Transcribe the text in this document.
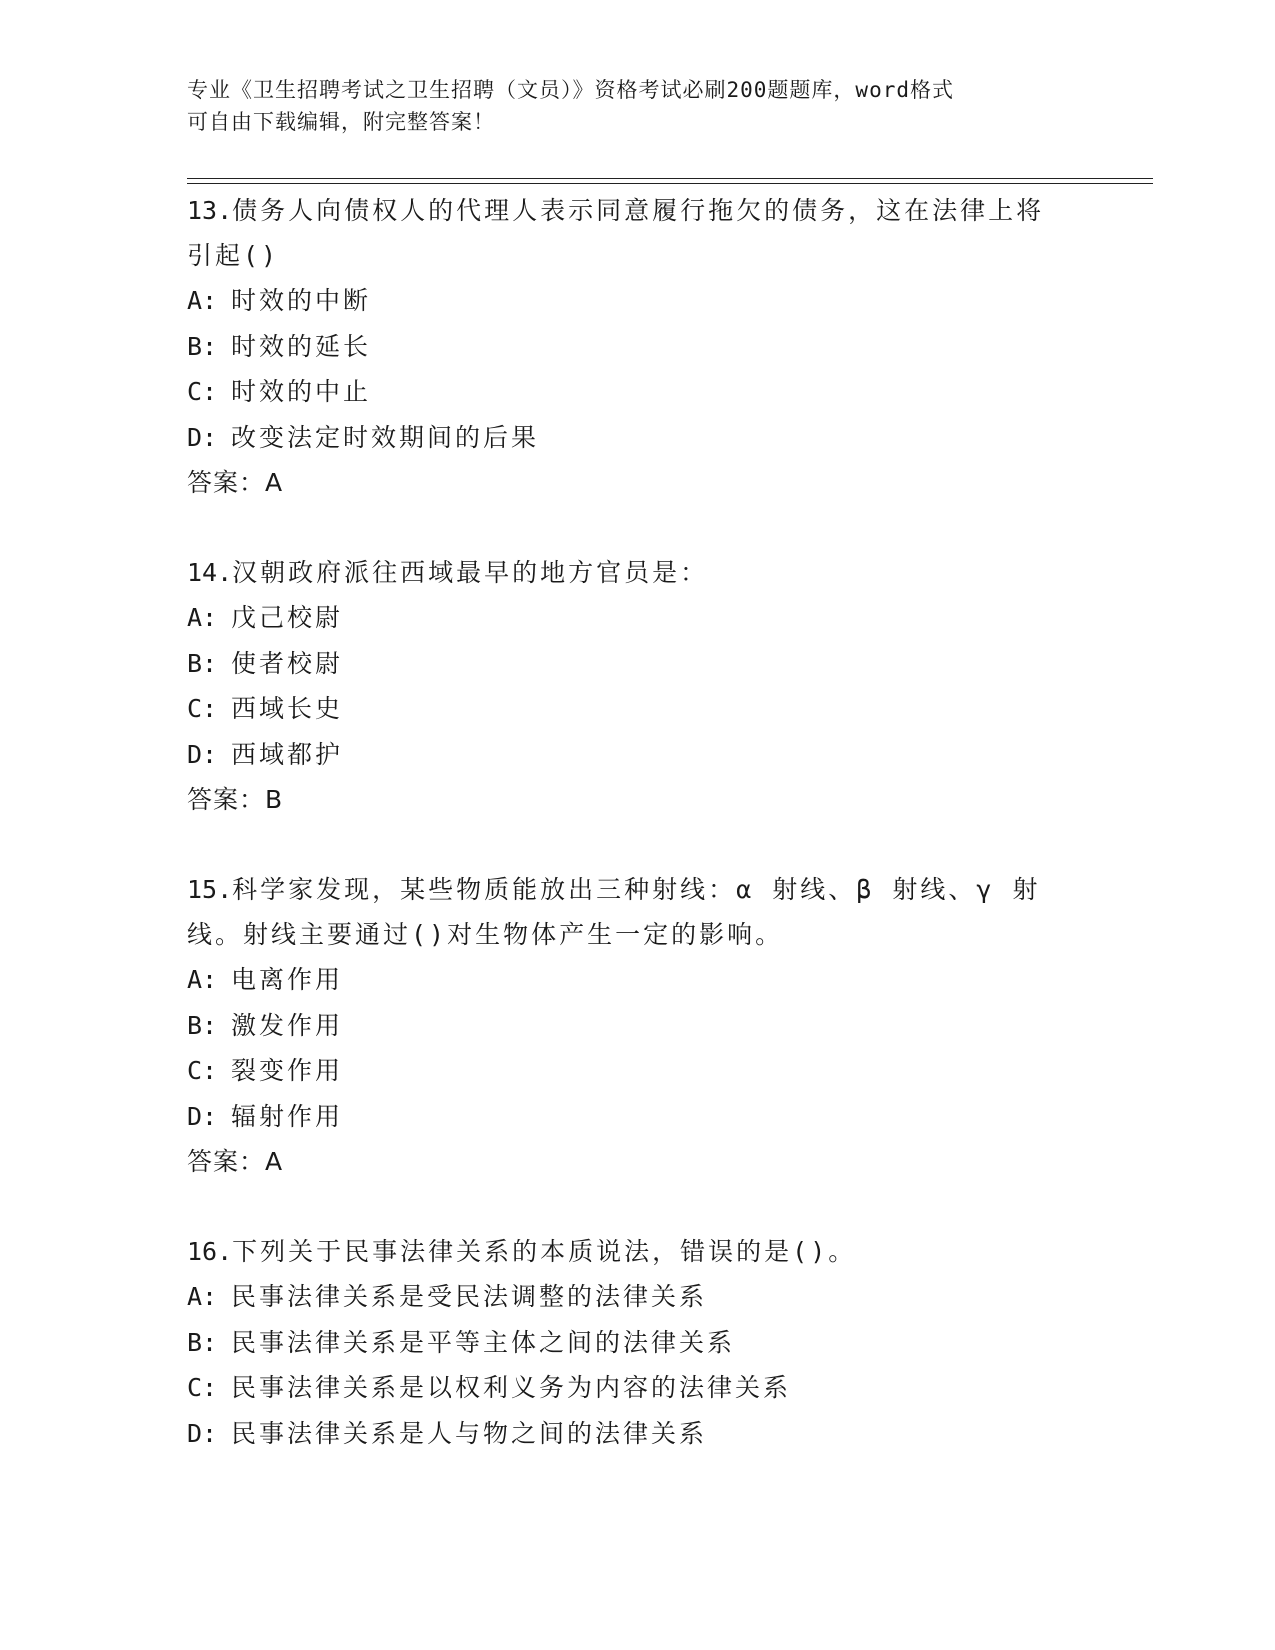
专业《卫生招聘考试之卫生招聘（文员）》资格考试必刷200题题库，word格式

可自由下载编辑，附完整答案！

13.债务人向债权人的代理人表示同意履行拖欠的债务，这在法律上将

引起()

A: 时效的中断

B: 时效的延长

C: 时效的中止

D: 改变法定时效期间的后果

答案：A

14.汉朝政府派往西域最早的地方官员是：

A: 戊己校尉

B: 使者校尉

C: 西域长史

D: 西域都护

答案：B

15.科学家发现，某些物质能放出三种射线：α 射线、β 射线、γ 射

线。射线主要通过()对生物体产生一定的影响。

A: 电离作用

B: 激发作用

C: 裂变作用

D: 辐射作用

答案：A

16.下列关于民事法律关系的本质说法，错误的是()。

A: 民事法律关系是受民法调整的法律关系

B: 民事法律关系是平等主体之间的法律关系

C: 民事法律关系是以权利义务为内容的法律关系

D: 民事法律关系是人与物之间的法律关系
